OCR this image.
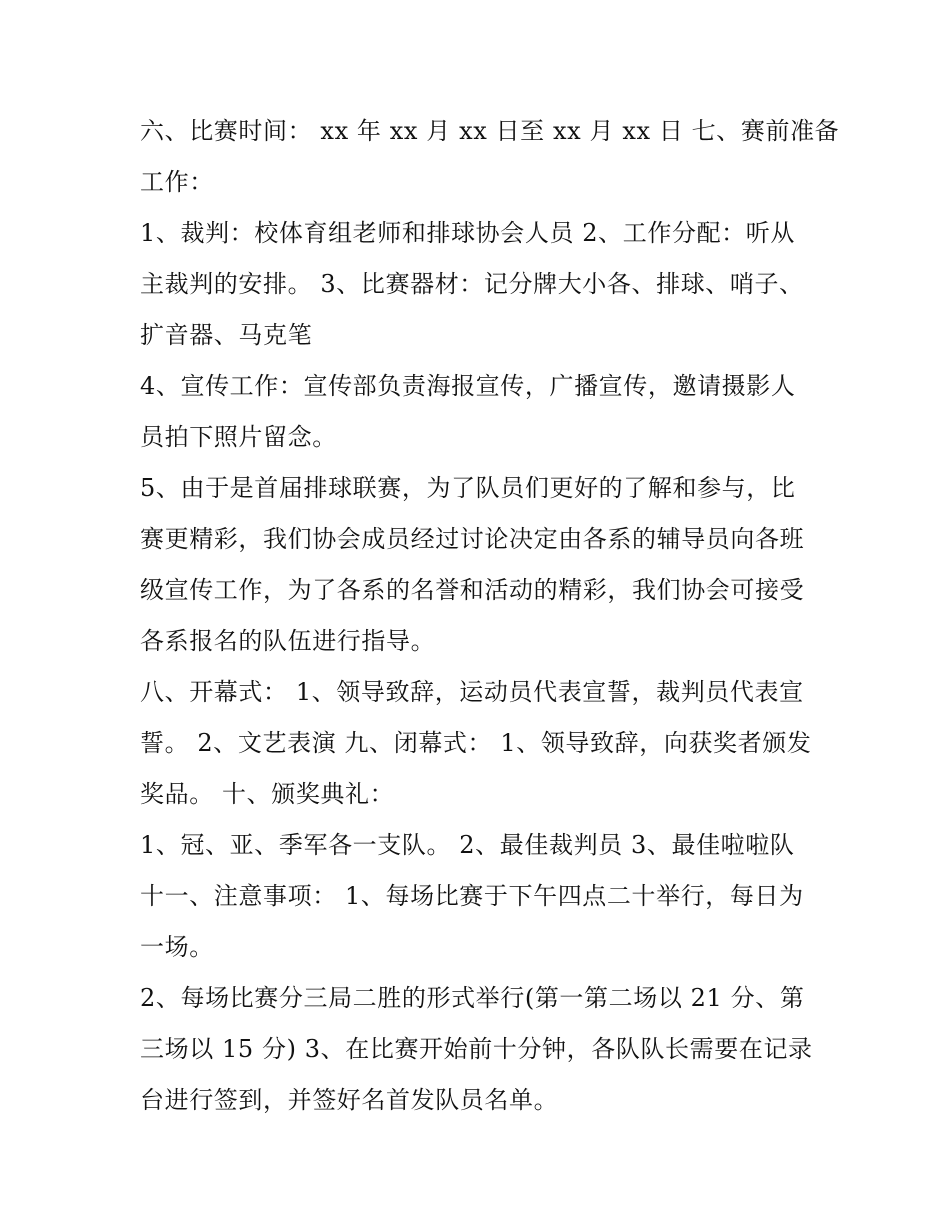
六、比赛时间： xx 年 xx 月 xx 日至 xx 月 xx 日 七、赛前准备
工作：
1、裁判：校体育组老师和排球协会人员 2、工作分配：听从
主裁判的安排。 3、比赛器材：记分牌大小各、排球、哨子、
扩音器、马克笔
4、宣传工作：宣传部负责海报宣传，广播宣传，邀请摄影人
员拍下照片留念。
5、由于是首届排球联赛，为了队员们更好的了解和参与，比
赛更精彩，我们协会成员经过讨论决定由各系的辅导员向各班
级宣传工作，为了各系的名誉和活动的精彩，我们协会可接受
各系报名的队伍进行指导。
八、开幕式： 1、领导致辞，运动员代表宣誓，裁判员代表宣
誓。 2、文艺表演 九、闭幕式： 1、领导致辞，向获奖者颁发
奖品。 十、颁奖典礼：
1、冠、亚、季军各一支队。 2、最佳裁判员 3、最佳啦啦队
十一、注意事项： 1、每场比赛于下午四点二十举行，每日为
一场。
2、每场比赛分三局二胜的形式举行(第一第二场以 21 分、第
三场以 15 分) 3、在比赛开始前十分钟，各队队长需要在记录
台进行签到，并签好名首发队员名单。
